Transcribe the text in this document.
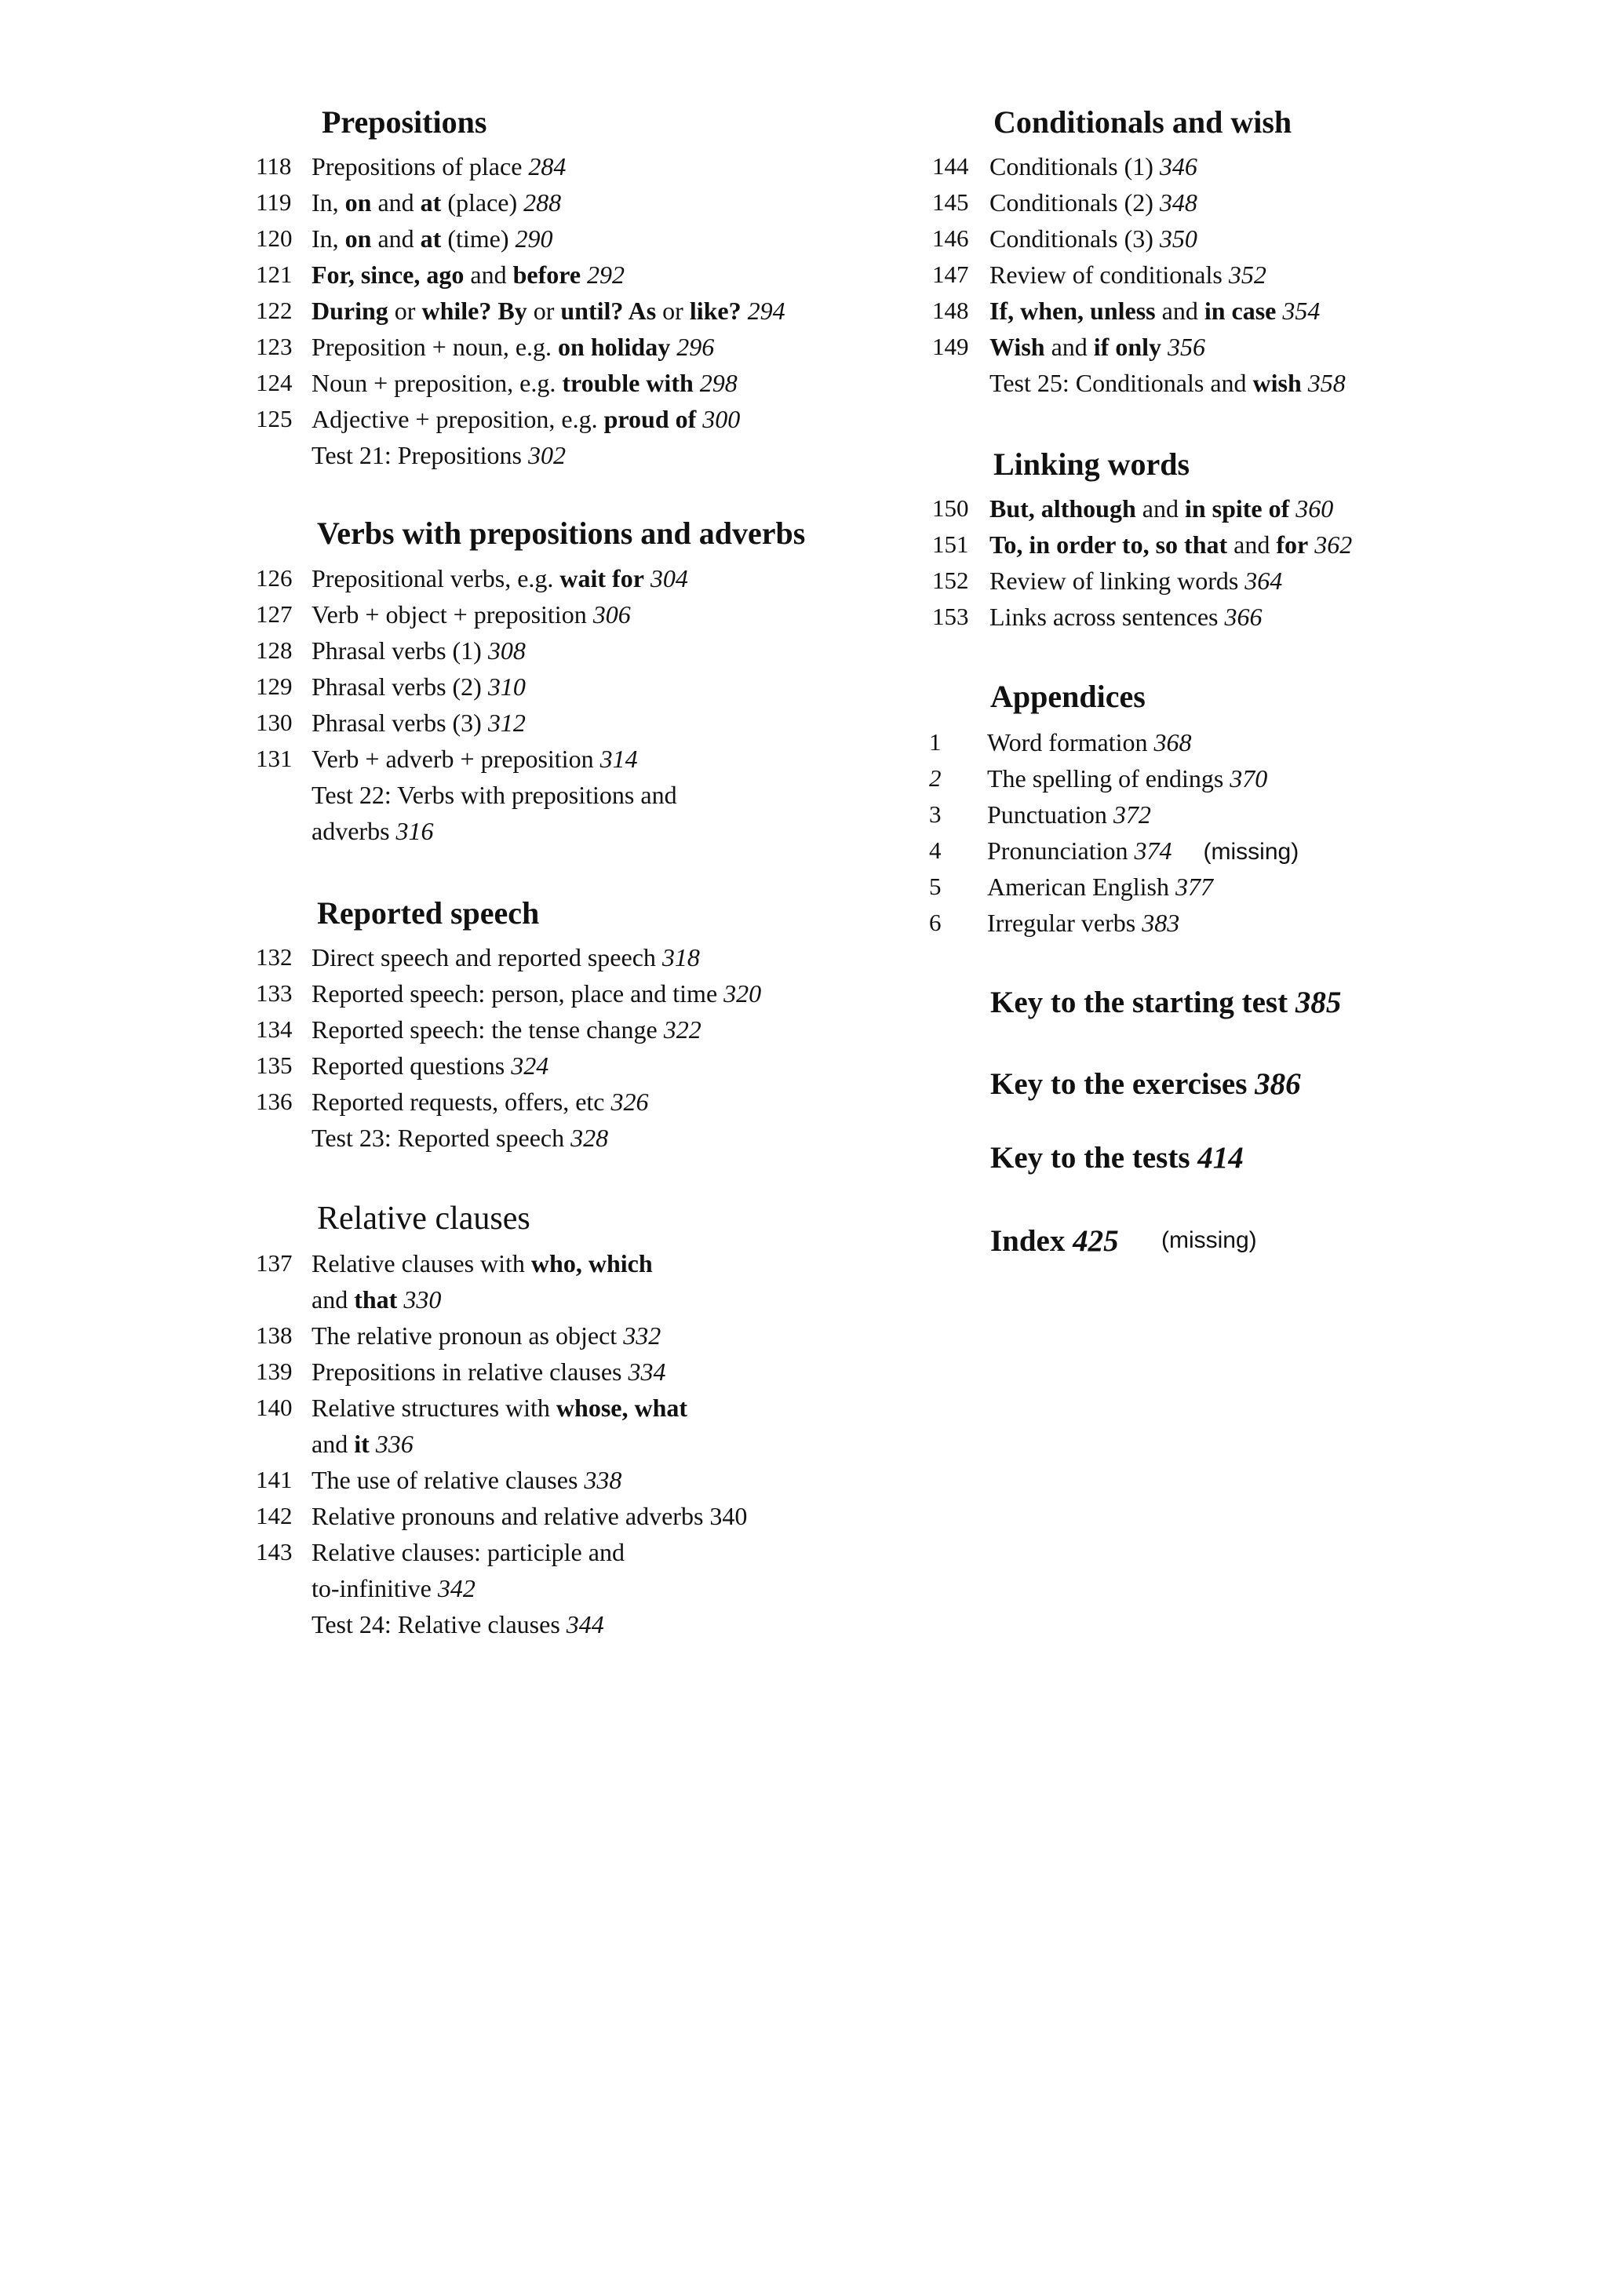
Prepositions
Verbs with prepositions and adverbs
Reported speech
Relative clauses
118 Prepositions of place 284
119 In, on and at (place) 288
120 In, on and at (time) 290
121 For, since, ago and before 292
122 During or while? By or until? As or like? 294
123 Preposition + noun, e.g. on holiday 296
124 Noun + preposition, e.g. trouble with 298
125 Adjective + preposition, e.g. proud of 300
Test 21: Prepositions 302
126 Prepositional verbs, e.g. wait for 304
127 Verb + object + preposition 306
128 Phrasal verbs (1) 308
129 Phrasal verbs (2) 310
130 Phrasal verbs (3) 312
131 Verb + adverb + preposition 314
Test 22: Verbs with prepositions and
adverbs 316
132 Direct speech and reported speech 318
133 Reported speech: person, place and time 320
134 Reported speech: the tense change 322
135 Reported questions 324
136 Reported requests, offers, etc 326
Test 23: Reported speech 328
137 Relative clauses with who, which
and that 330
138 The relative pronoun as object 332
139 Prepositions in relative clauses 334
140 Relative structures with whose, what
and it 336
141 The use of relative clauses 338
142 Relative pronouns and relative adverbs 340
143 Relative clauses: participle and
to-infinitive 342
Test 24: Relative clauses 344
Conditionals and wish
Linking words
Appendices
Key to the starting test 385
Key to the exercises 386
Key to the tests 414
Index 425 (missing)
144 Conditionals (1) 346
145 Conditionals (2) 348
146 Conditionals (3) 350
147 Review of conditionals 352
148 If, when, unless and in case 354
149 Wish and if only 356
Test 25: Conditionals and wish 358
150 But, although and in spite of 360
151 To, in order to, so that and for 362
152 Review of linking words 364
153 Links across sentences 366
1 Word formation 368
2 The spelling of endings 370
3 Punctuation 372
4 Pronunciation 374 (missing)
5 American English 377
6 Irregular verbs 383
